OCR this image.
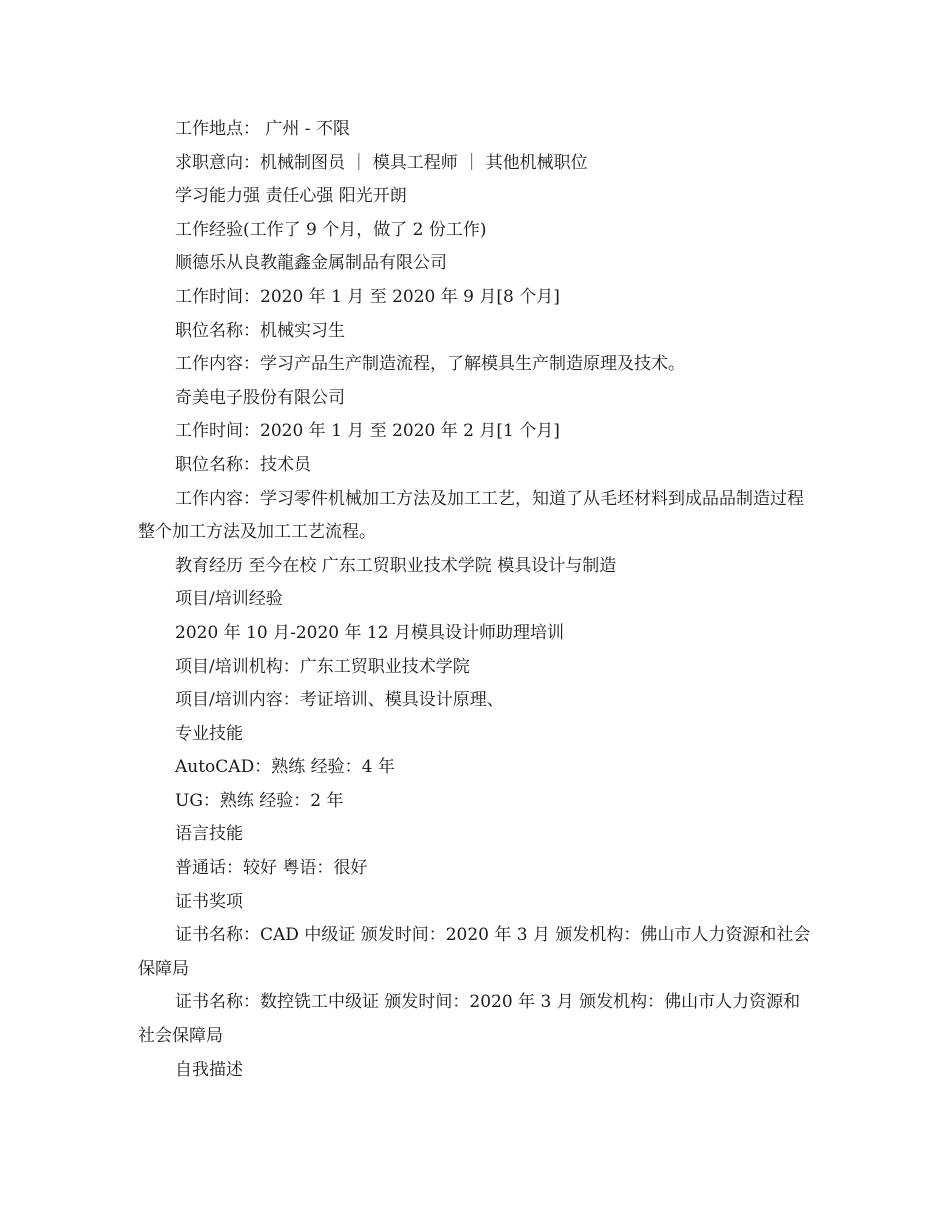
工作地点： 广州 - 不限
求职意向：机械制图员 ｜ 模具工程师 ｜ 其他机械职位
学习能力强 责任心强 阳光开朗
工作经验(工作了 9 个月，做了 2 份工作)
顺德乐从良教龍鑫金属制品有限公司
工作时间：2020 年 1 月 至 2020 年 9 月[8 个月]
职位名称：机械实习生
工作内容：学习产品生产制造流程，了解模具生产制造原理及技术。
奇美电子股份有限公司
工作时间：2020 年 1 月 至 2020 年 2 月[1 个月]
职位名称：技术员
工作内容：学习零件机械加工方法及加工工艺，知道了从毛坯材料到成品品制造过程整个加工方法及加工工艺流程。
教育经历 至今在校 广东工贸职业技术学院 模具设计与制造
项目/培训经验
2020 年 10 月-2020 年 12 月模具设计师助理培训
项目/培训机构：广东工贸职业技术学院
项目/培训内容：考证培训、模具设计原理、
专业技能
AutoCAD：熟练 经验：4 年
UG：熟练 经验：2 年
语言技能
普通话：较好 粤语：很好
证书奖项
证书名称：CAD 中级证 颁发时间：2020 年 3 月 颁发机构：佛山市人力资源和社会保障局
证书名称：数控铣工中级证 颁发时间：2020 年 3 月 颁发机构：佛山市人力资源和社会保障局
自我描述
